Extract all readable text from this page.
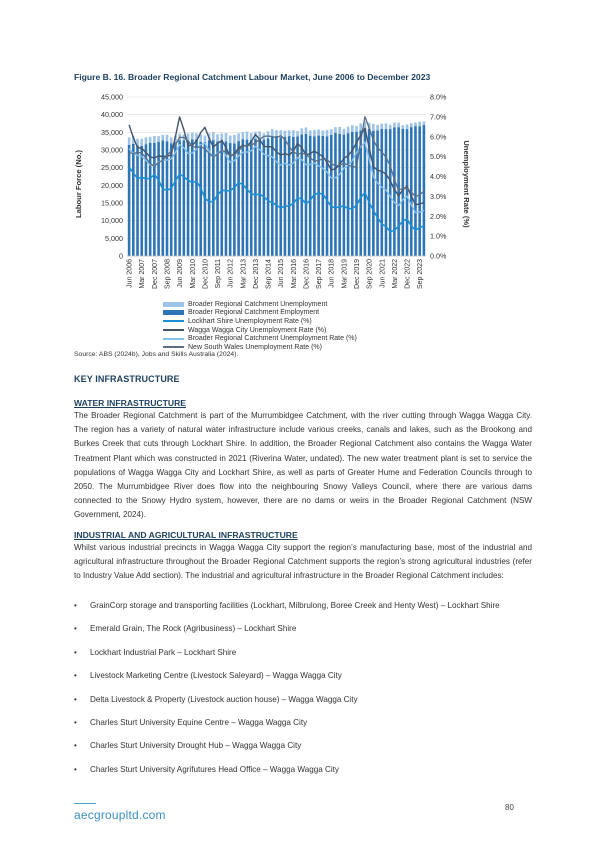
Figure B. 16. Broader Regional Catchment Labour Market, June 2006 to December 2023
0
5,000
10,000
15,000
20,000
25,000
30,000
35,000
40,000
45,000
0.0%
1.0%
2.0%
3.0%
4.0%
5.0%
6.0%
7.0%
8.0%
Jun 2006 Mar 2007 Dec 2007 Sep 2008 Jun 2009 Mar 2010 Dec 2010 Sep 2011 Jun 2012 Mar 2013 Dec 2013 Sep 2014 Jun 2015 Mar 2016 Dec 2016 Sep 2017 Jun 2018 Mar 2019 Dec 2019 Sep 2020 Jun 2021 Mar 2022 Dec 2022 Sep 2023
Labour Force (No.)	Unemployment Rate (%)
Broader Regional Catchment Unemployment
Broader Regional Catchment Employment
Lockhart Shire Unemployment Rate (%)
Wagga Wagga City Unemployment Rate (%)
Broader Regional Catchment Unemployment Rate (%)
New South Wales Unemployment Rate (%)
Source: ABS (2024b), Jobs and Skills Australia (2024).
KEY INFRASTRUCTURE
WATER INFRASTRUCTURE
The Broader Regional Catchment is part of the Murrumbidgee Catchment, with the river cutting through Wagga Wagga City. The region has a variety of natural water infrastructure include various creeks, canals and lakes, such as the Brookong and Burkes Creek that cuts through Lockhart Shire. In addition, the Broader Regional Catchment also contains the Wagga Water Treatment Plant which was constructed in 2021 (Riverina Water, undated). The new water treatment plant is set to service the populations of Wagga Wagga City and Lockhart Shire, as well as parts of Greater Hume and Federation Councils through to 2050. The Murrumbidgee River does flow into the neighbouring Snowy Valleys Council, where there are various dams connected to the Snowy Hydro system, however, there are no dams or weirs in the Broader Regional Catchment (NSW Government, 2024).
INDUSTRIAL AND AGRICULTURAL INFRASTRUCTURE
Whilst various industrial precincts in Wagga Wagga City support the region’s manufacturing base, most of the industrial and agricultural infrastructure throughout the Broader Regional Catchment supports the region’s strong agricultural industries (refer to Industry Value Add section). The industrial and agricultural infrastructure in the Broader Regional Catchment includes:
• GrainCorp storage and transporting facilities (Lockhart, Milbrulong, Boree Creek and Henty West) – Lockhart Shire
• Emerald Grain, The Rock (Agribusiness) – Lockhart Shire
• Lockhart Industrial Park – Lockhart Shire
• Livestock Marketing Centre (Livestock Saleyard) – Wagga Wagga City
• Delta Livestock & Property (Livestock auction house) – Wagga Wagga City
• Charles Sturt University Equine Centre – Wagga Wagga City
• Charles Sturt University Drought Hub – Wagga Wagga City
• Charles Sturt University Agrifutures Head Office – Wagga Wagga City
80
aecgroupltd.com
